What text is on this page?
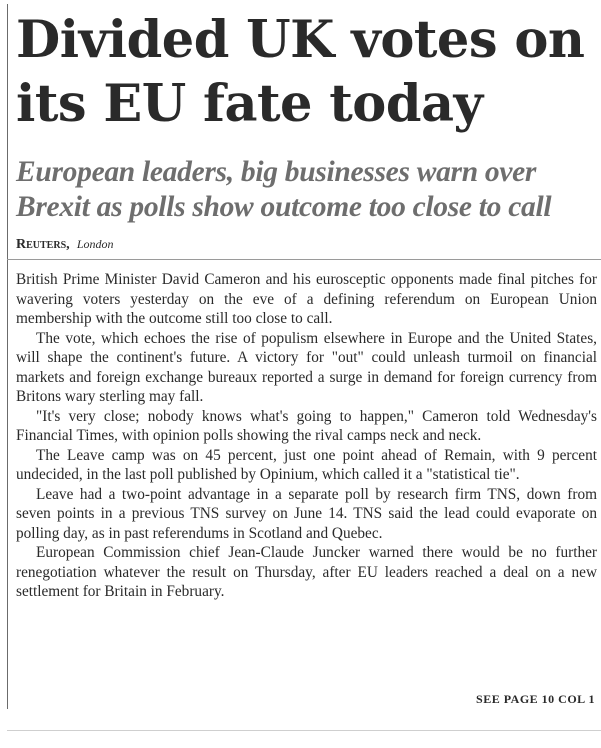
Divided UK votes on its EU fate today
European leaders, big businesses warn over Brexit as polls show outcome too close to call
Reuters, London

British Prime Minister David Cameron and his eurosceptic opponents made final pitches for wavering voters yesterday on the eve of a defining referendum on European Union membership with the outcome still too close to call.

The vote, which echoes the rise of populism elsewhere in Europe and the United States, will shape the continent's future. A victory for "out" could unleash turmoil on financial markets and foreign exchange bureaux reported a surge in demand for foreign currency from Britons wary sterling may fall.

"It's very close; nobody knows what's going to happen," Cameron told Wednesday's Financial Times, with opinion polls showing the rival camps neck and neck.

The Leave camp was on 45 percent, just one point ahead of Remain, with 9 percent undecided, in the last poll published by Opinium, which called it a "statistical tie".

Leave had a two-point advantage in a separate poll by research firm TNS, down from seven points in a previous TNS survey on June 14. TNS said the lead could evaporate on polling day, as in past referendums in Scotland and Quebec.

European Commission chief Jean-Claude Juncker warned there would be no further renegotiation whatever the result on Thursday, after EU leaders reached a deal on a new settlement for Britain in February.

SEE PAGE 10 COL 1
